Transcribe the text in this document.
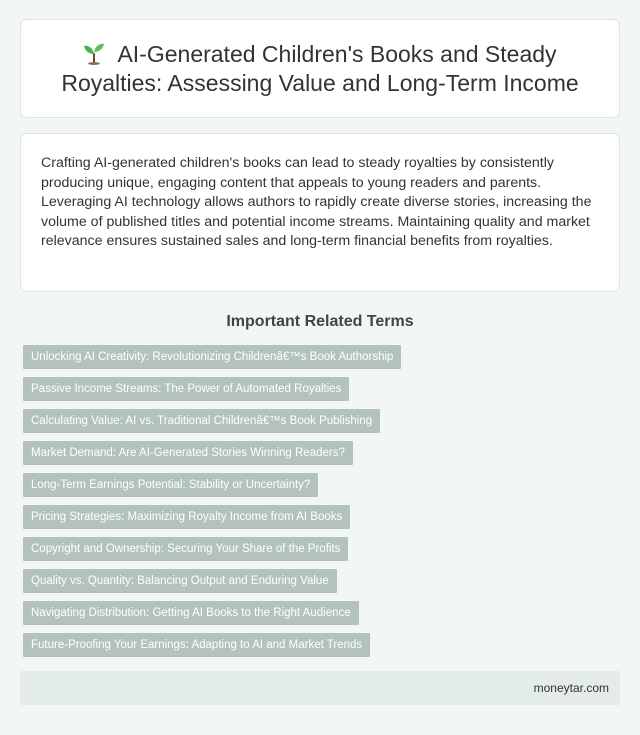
AI-Generated Children's Books and Steady Royalties: Assessing Value and Long-Term Income

Crafting AI-generated children's books can lead to steady royalties by consistently producing unique, engaging content that appeals to young readers and parents. Leveraging AI technology allows authors to rapidly create diverse stories, increasing the volume of published titles and potential income streams. Maintaining quality and market relevance ensures sustained sales and long-term financial benefits from royalties.

Important Related Terms
Unlocking AI Creativity: Revolutionizing Childrenâ€™s Book Authorship
Passive Income Streams: The Power of Automated Royalties
Calculating Value: AI vs. Traditional Childrenâ€™s Book Publishing
Market Demand: Are AI-Generated Stories Winning Readers?
Long-Term Earnings Potential: Stability or Uncertainty?
Pricing Strategies: Maximizing Royalty Income from AI Books
Copyright and Ownership: Securing Your Share of the Profits
Quality vs. Quantity: Balancing Output and Enduring Value
Navigating Distribution: Getting AI Books to the Right Audience
Future-Proofing Your Earnings: Adapting to AI and Market Trends
moneytar.com
